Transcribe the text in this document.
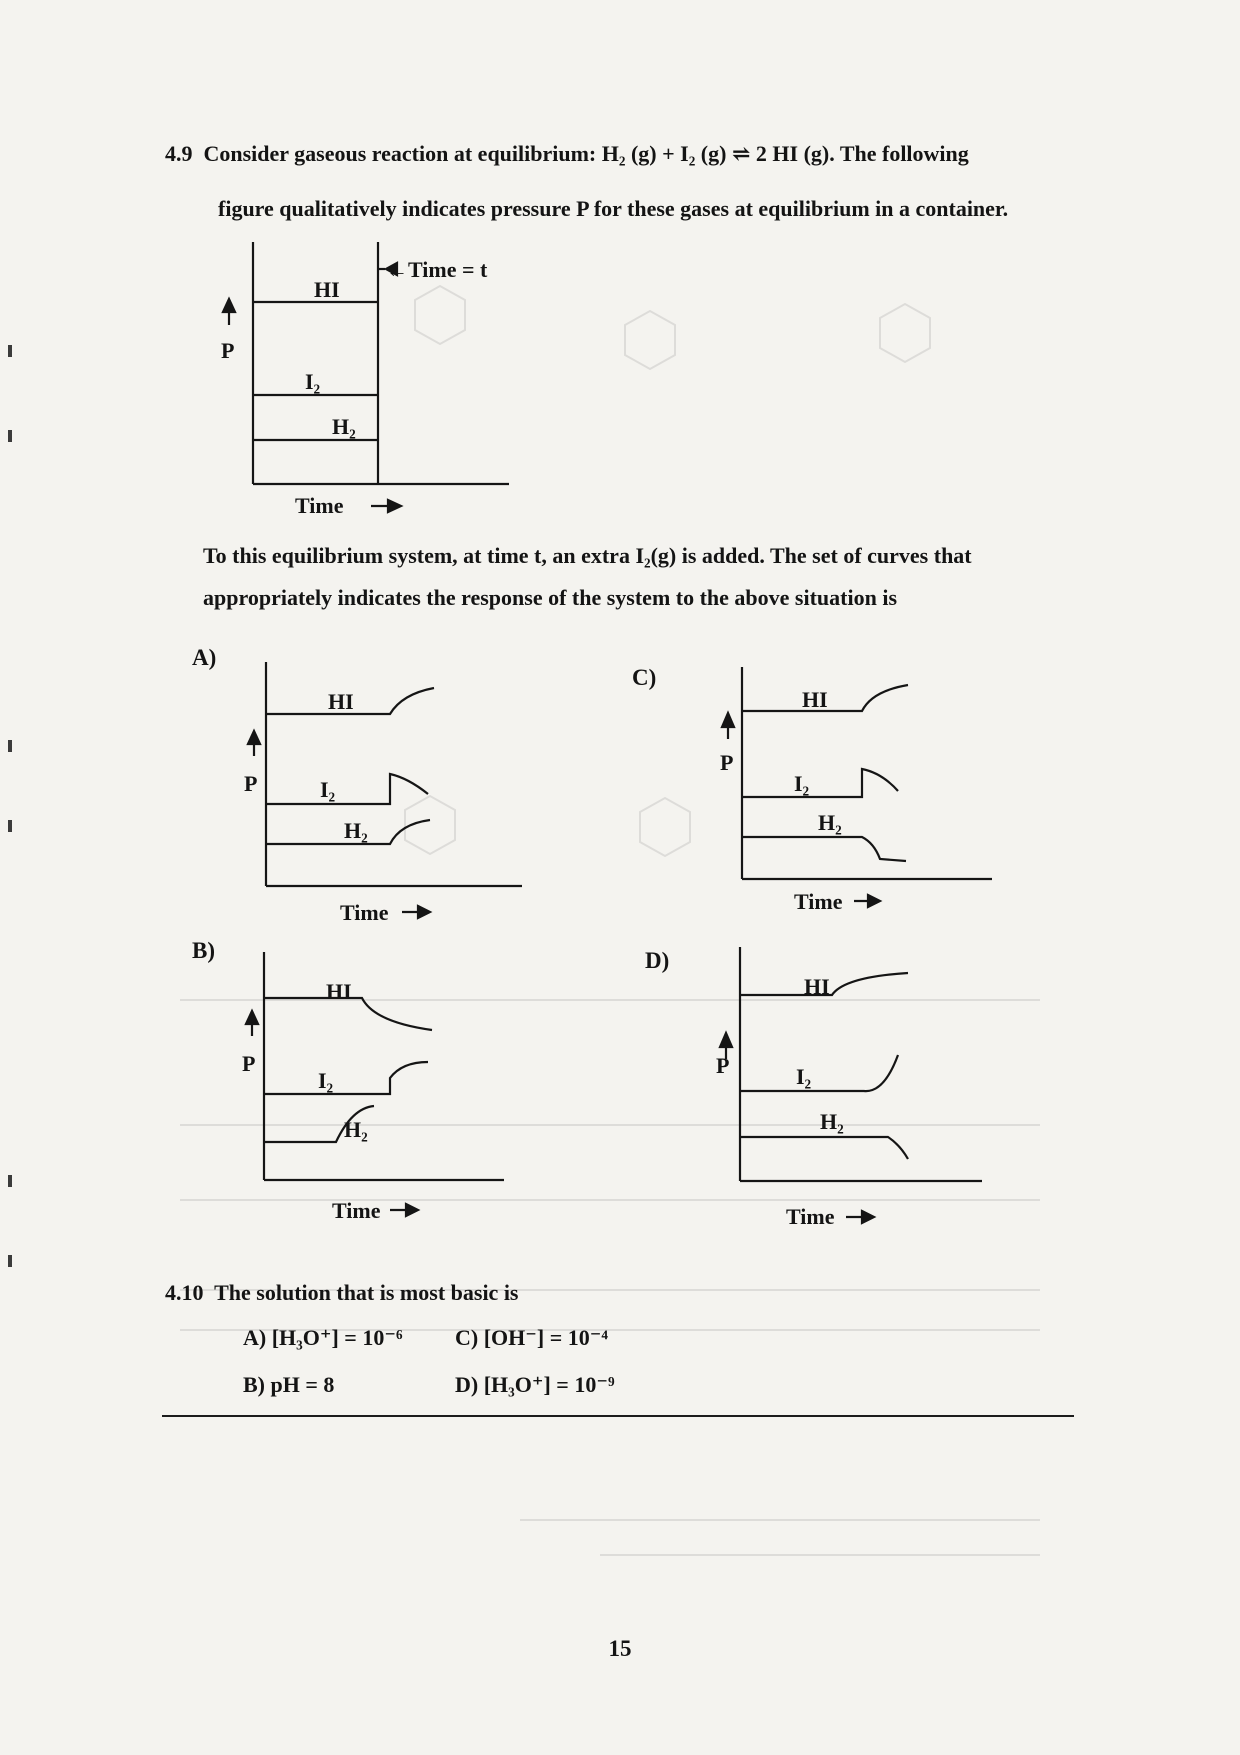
4.9 Consider gaseous reaction at equilibrium: H₂ (g) + I₂ (g) ⇌ 2 HI (g). The following
figure qualitatively indicates pressure P for these gases at equilibrium in a container.
←Time = t
HI
I₂
H₂
P
Time
To this equilibrium system, at time t, an extra I₂(g) is added. The set of curves that
appropriately indicates the response of the system to the above situation is
A)
P
HI
I₂
H₂
Time
C)
P
HI
I₂
H₂
Time
B)
P
HI
I₂
H₂
Time
D)
P
HI
I₂
H₂
Time
4.10 The solution that is most basic is
A) [H₃O⁺] = 10⁻⁶ C) [OH⁻] = 10⁻⁴
B) pH = 8	D) [H₃O⁺] = 10⁻⁹
15
